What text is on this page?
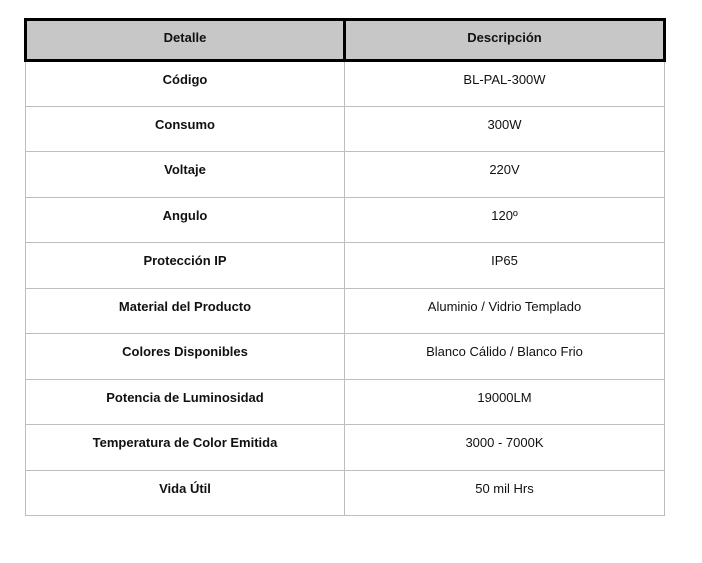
Detalle	Descripción
Código	BL-PAL-300W
Consumo	300W
Voltaje	220V
Angulo	120º
Protección IP	IP65
Material del Producto	Aluminio / Vidrio Templado
Colores Disponibles	Blanco Cálido / Blanco Frio
Potencia de Luminosidad	19000LM
Temperatura de Color Emitida	3000 - 7000K
Vida Útil	50 mil Hrs
